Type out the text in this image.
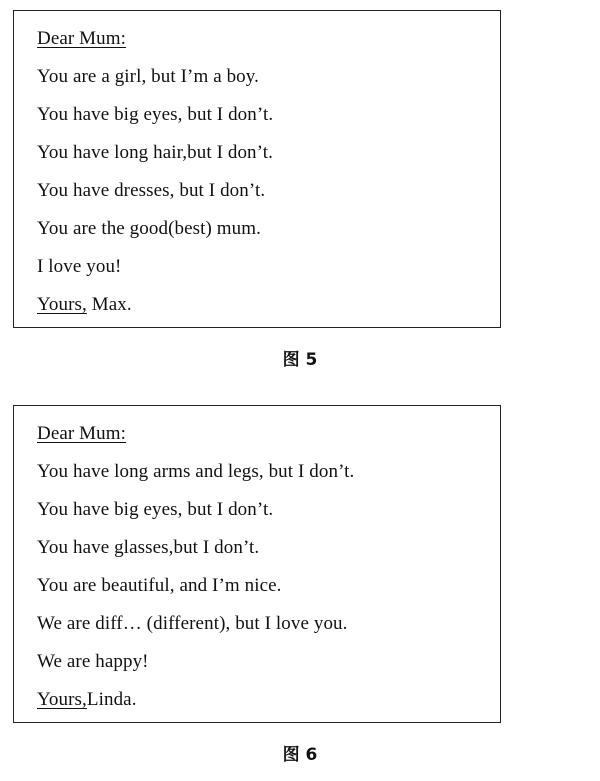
Dear Mum:
You are a girl, but I’m a boy.
You have big eyes, but I don’t.
You have long hair,but I don’t.
You have dresses, but I don’t.
You are the good(best) mum.
I love you!
Yours, Max.
图 5
Dear Mum:
You have long arms and legs, but I don’t.
You have big eyes, but I don’t.
You have glasses,but I don’t.
You are beautiful, and I’m nice.
We are diff… (different), but I love you.
We are happy!
Yours,Linda.
图 6
